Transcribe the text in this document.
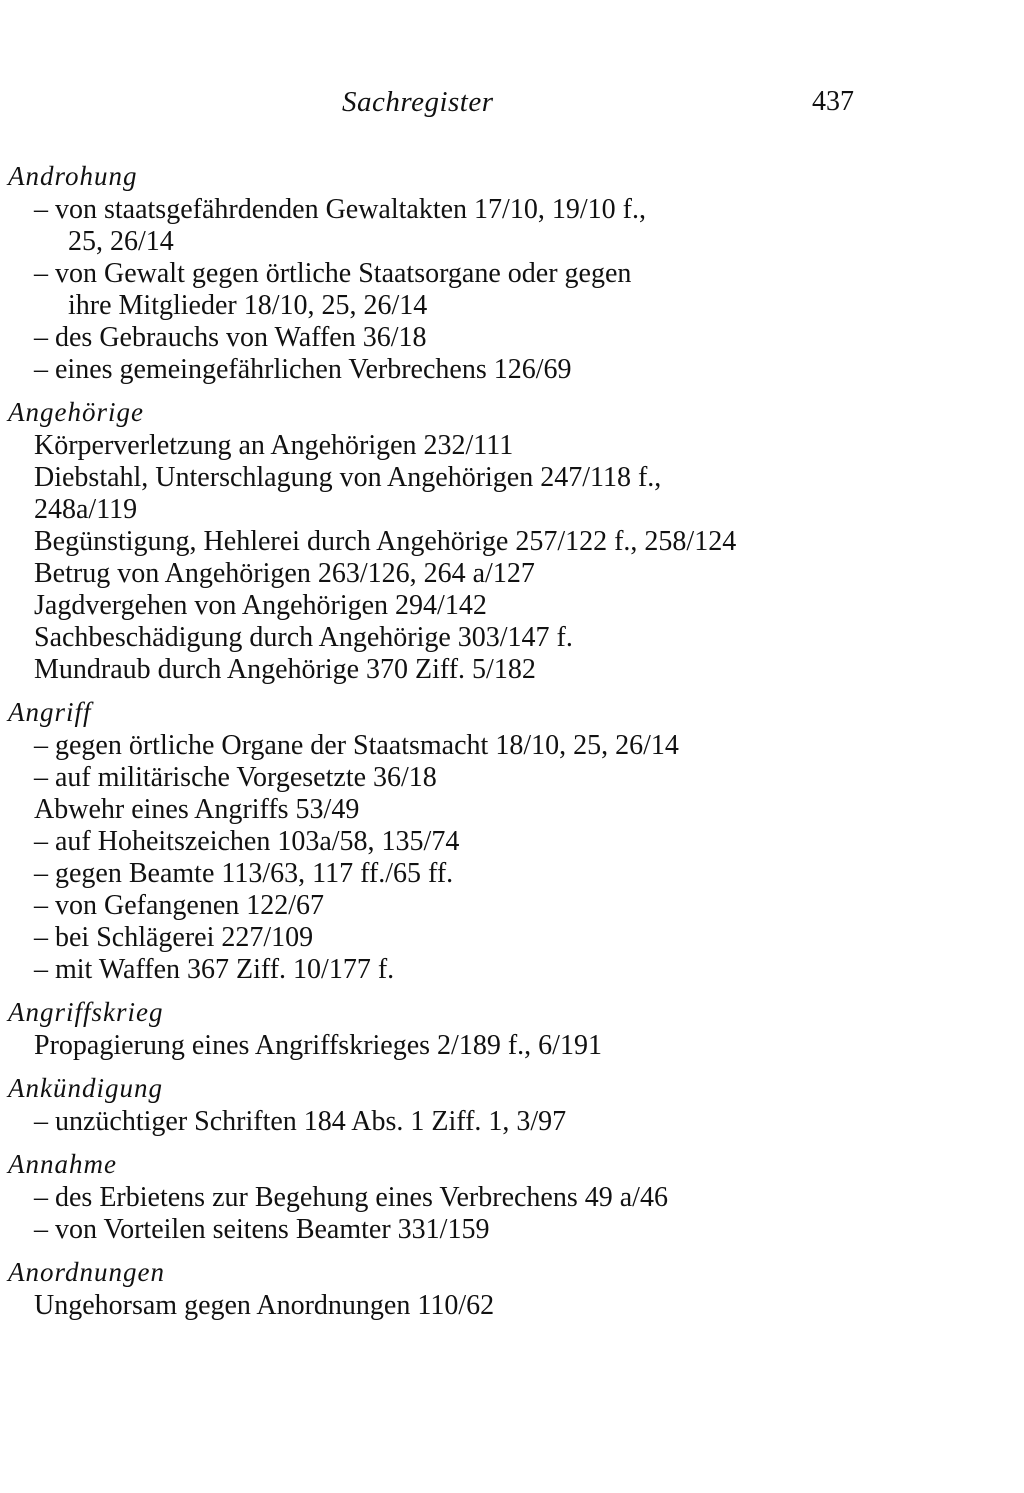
Sachregister	437
Androhung
– von staatsgefährdenden Gewaltakten 17/10, 19/10 f.,
25, 26/14
– von Gewalt gegen örtliche Staatsorgane oder gegen
ihre Mitglieder 18/10, 25, 26/14
– des Gebrauchs von Waffen 36/18
– eines gemeingefährlichen Verbrechens 126/69
Angehörige
Körperverletzung an Angehörigen 232/111
Diebstahl, Unterschlagung von Angehörigen 247/118 f.,
248a/119
Begünstigung, Hehlerei durch Angehörige 257/122 f., 258/124
Betrug von Angehörigen 263/126, 264 a/127
Jagdvergehen von Angehörigen 294/142
Sachbeschädigung durch Angehörige 303/147 f.
Mundraub durch Angehörige 370 Ziff. 5/182
Angriff
– gegen örtliche Organe der Staatsmacht 18/10, 25, 26/14
– auf militärische Vorgesetzte 36/18
Abwehr eines Angriffs 53/49
– auf Hoheitszeichen 103a/58, 135/74
– gegen Beamte 113/63, 117 ff./65 ff.
– von Gefangenen 122/67
– bei Schlägerei 227/109
– mit Waffen 367 Ziff. 10/177 f.
Angriffskrieg
Propagierung eines Angriffskrieges 2/189 f., 6/191
Ankündigung
– unzüchtiger Schriften 184 Abs. 1 Ziff. 1, 3/97
Annahme
– des Erbietens zur Begehung eines Verbrechens 49 a/46
– von Vorteilen seitens Beamter 331/159
Anordnungen
Ungehorsam gegen Anordnungen 110/62
